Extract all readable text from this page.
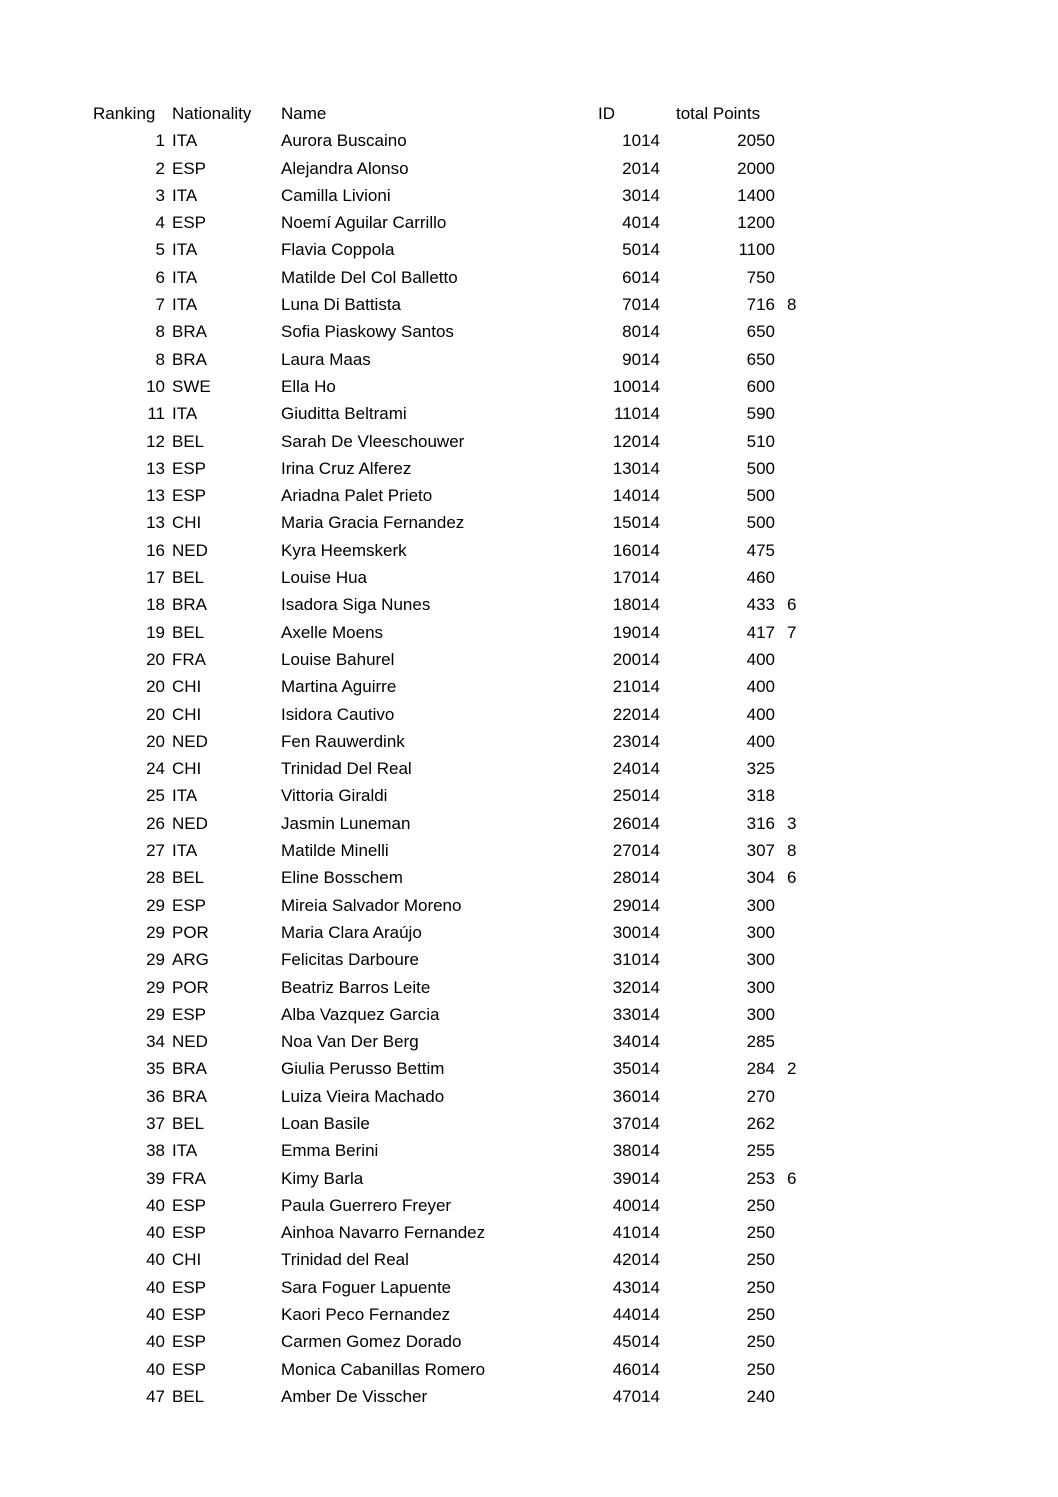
Ranking Nationality	Name	ID	total Points
1 ITA	Aurora Buscaino	1014	2050
2 ESP	Alejandra Alonso	2014	2000
3 ITA	Camilla Livioni	3014	1400
4 ESP	Noemí Aguilar Carrillo	4014	1200
5 ITA	Flavia Coppola	5014	1100
6 ITA	Matilde Del Col Balletto	6014	750
7 ITA	Luna Di Battista	7014	716 8
8 BRA	Sofia Piaskowy Santos	8014	650
8 BRA	Laura Maas	9014	650
10 SWE	Ella Ho	10014	600
11 ITA	Giuditta Beltrami	11014	590
12 BEL	Sarah De Vleeschouwer	12014	510
13 ESP	Irina Cruz Alferez	13014	500
13 ESP	Ariadna Palet Prieto	14014	500
13 CHI	Maria Gracia Fernandez	15014	500
16 NED	Kyra Heemskerk	16014	475
17 BEL	Louise Hua	17014	460
18 BRA	Isadora Siga Nunes	18014	433 6
19 BEL	Axelle Moens	19014	417 7
20 FRA	Louise Bahurel	20014	400
20 CHI	Martina Aguirre	21014	400
20 CHI	Isidora Cautivo	22014	400
20 NED	Fen Rauwerdink	23014	400
24 CHI	Trinidad Del Real	24014	325
25 ITA	Vittoria Giraldi	25014	318
26 NED	Jasmin Luneman	26014	316 3
27 ITA	Matilde Minelli	27014	307 8
28 BEL	Eline Bosschem	28014	304 6
29 ESP	Mireia Salvador Moreno	29014	300
29 POR	Maria Clara Araújo	30014	300
29 ARG	Felicitas Darboure	31014	300
29 POR	Beatriz Barros Leite	32014	300
29 ESP	Alba Vazquez Garcia	33014	300
34 NED	Noa Van Der Berg	34014	285
35 BRA	Giulia Perusso Bettim	35014	284 2
36 BRA	Luiza Vieira Machado	36014	270
37 BEL	Loan Basile	37014	262
38 ITA	Emma Berini	38014	255
39 FRA	Kimy Barla	39014	253 6
40 ESP	Paula Guerrero Freyer	40014	250
40 ESP	Ainhoa Navarro Fernandez	41014	250
40 CHI	Trinidad del Real	42014	250
40 ESP	Sara Foguer Lapuente	43014	250
40 ESP	Kaori Peco Fernandez	44014	250
40 ESP	Carmen Gomez Dorado	45014	250
40 ESP	Monica Cabanillas Romero	46014	250
47 BEL	Amber De Visscher	47014	240
